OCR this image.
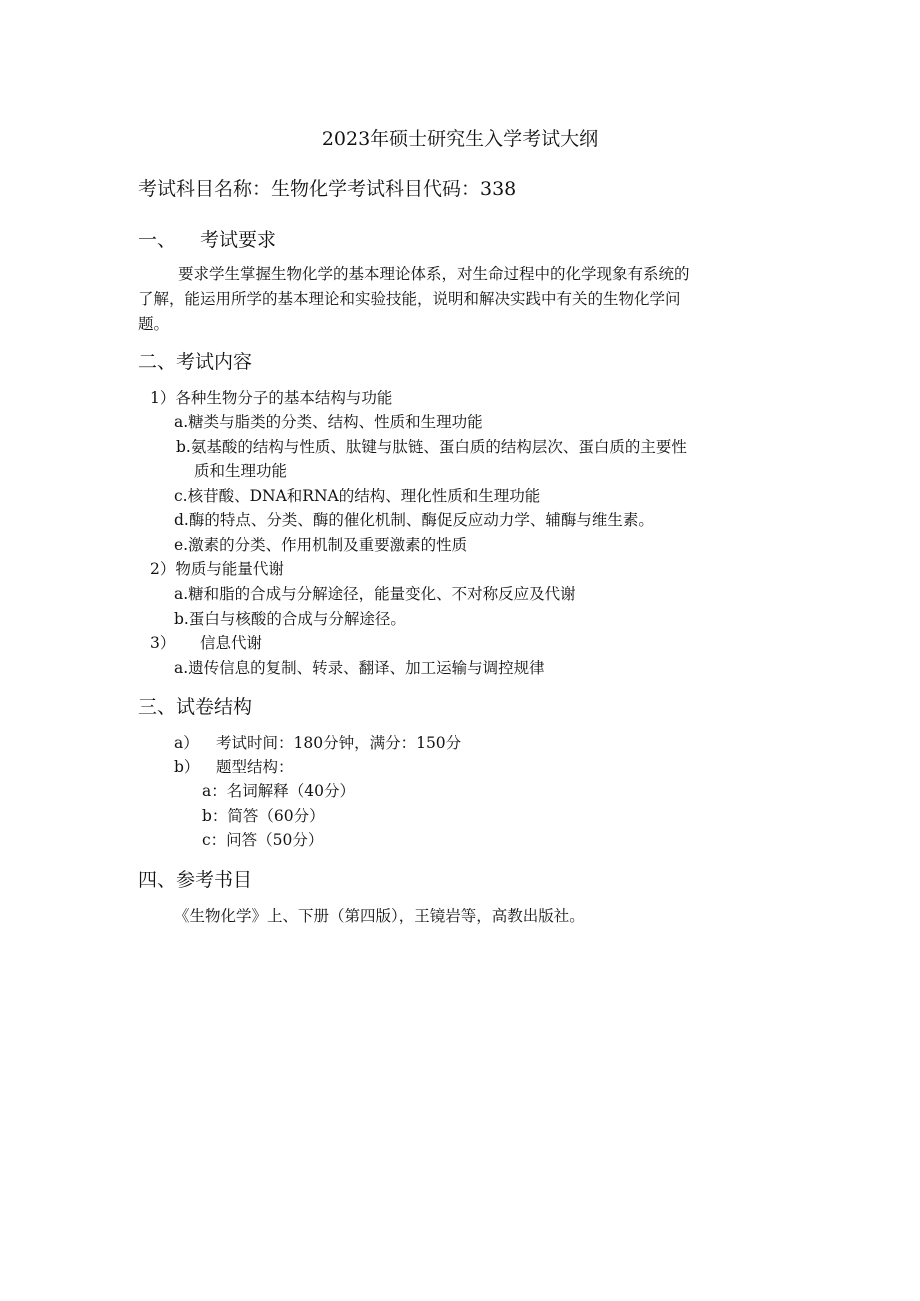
2023年硕士研究生入学考试大纲
考试科目名称：生物化学考试科目代码：338
一、 考试要求
要求学生掌握生物化学的基本理论体系，对生命过程中的化学现象有系统的
了解，能运用所学的基本理论和实验技能，说明和解决实践中有关的生物化学问
题。
二、考试内容
1）各种生物分子的基本结构与功能
a.糖类与脂类的分类、结构、性质和生理功能
b.氨基酸的结构与性质、肽键与肽链、蛋白质的结构层次、蛋白质的主要性
质和生理功能
c.核苷酸、DNA和RNA的结构、理化性质和生理功能
d.酶的特点、分类、酶的催化机制、酶促反应动力学、辅酶与维生素。
e.激素的分类、作用机制及重要激素的性质
2）物质与能量代谢
a.糖和脂的合成与分解途径，能量变化、不对称反应及代谢
b.蛋白与核酸的合成与分解途径。
3） 信息代谢
a.遗传信息的复制、转录、翻译、加工运输与调控规律
三、试卷结构
a） 考试时间：180分钟，满分：150分
b） 题型结构：
a：名词解释（40分）
b：简答（60分）
c：问答（50分）
四、参考书目
《生物化学》上、下册（第四版），王镜岩等，高教出版社。
